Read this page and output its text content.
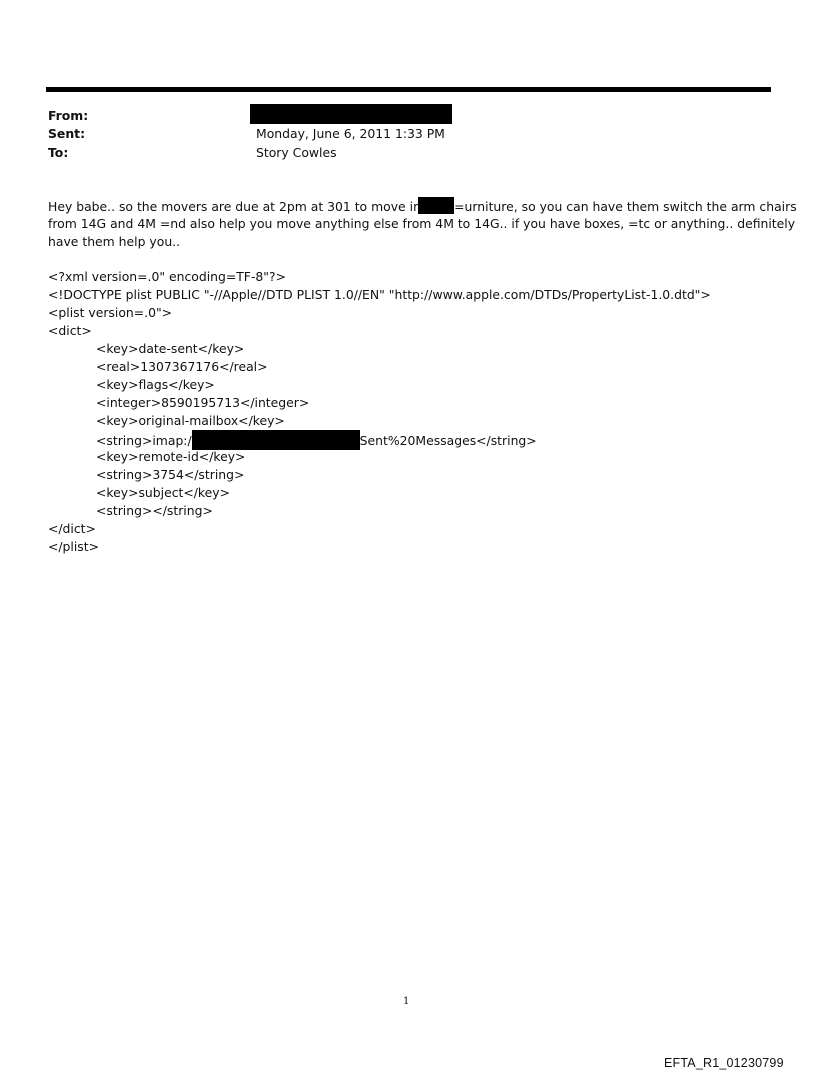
From:
Sent:	Monday, June 6, 2011 1:33 PM
To:	Story Cowles
Hey babe.. so the movers are due at 2pm at 301 to move ir	=urniture, so you can have them switch the arm chairs
from 14G and 4M =nd also help you move anything else from 4M to 14G.. if you have boxes, =tc or anything.. definitely
have them help you..
<?xml version=.0" encoding=TF-8"?>
<!DOCTYPE plist PUBLIC "-//Apple//DTD PLIST 1.0//EN" "http://www.apple.com/DTDs/PropertyList-1.0.dtd">
<plist version=.0">
<dict>
<key>date-sent</key>
<real>1307367176</real>
<key>flags</key>
<integer>8590195713</integer>
<key>original-mailbox</key>
<string>imap:/	Sent%20Messages</string>
<key>remote-id</key>
<string>3754</string>
<key>subject</key>
<string></string>
</dict>
</plist>
1
EFTA_R1_01230799
